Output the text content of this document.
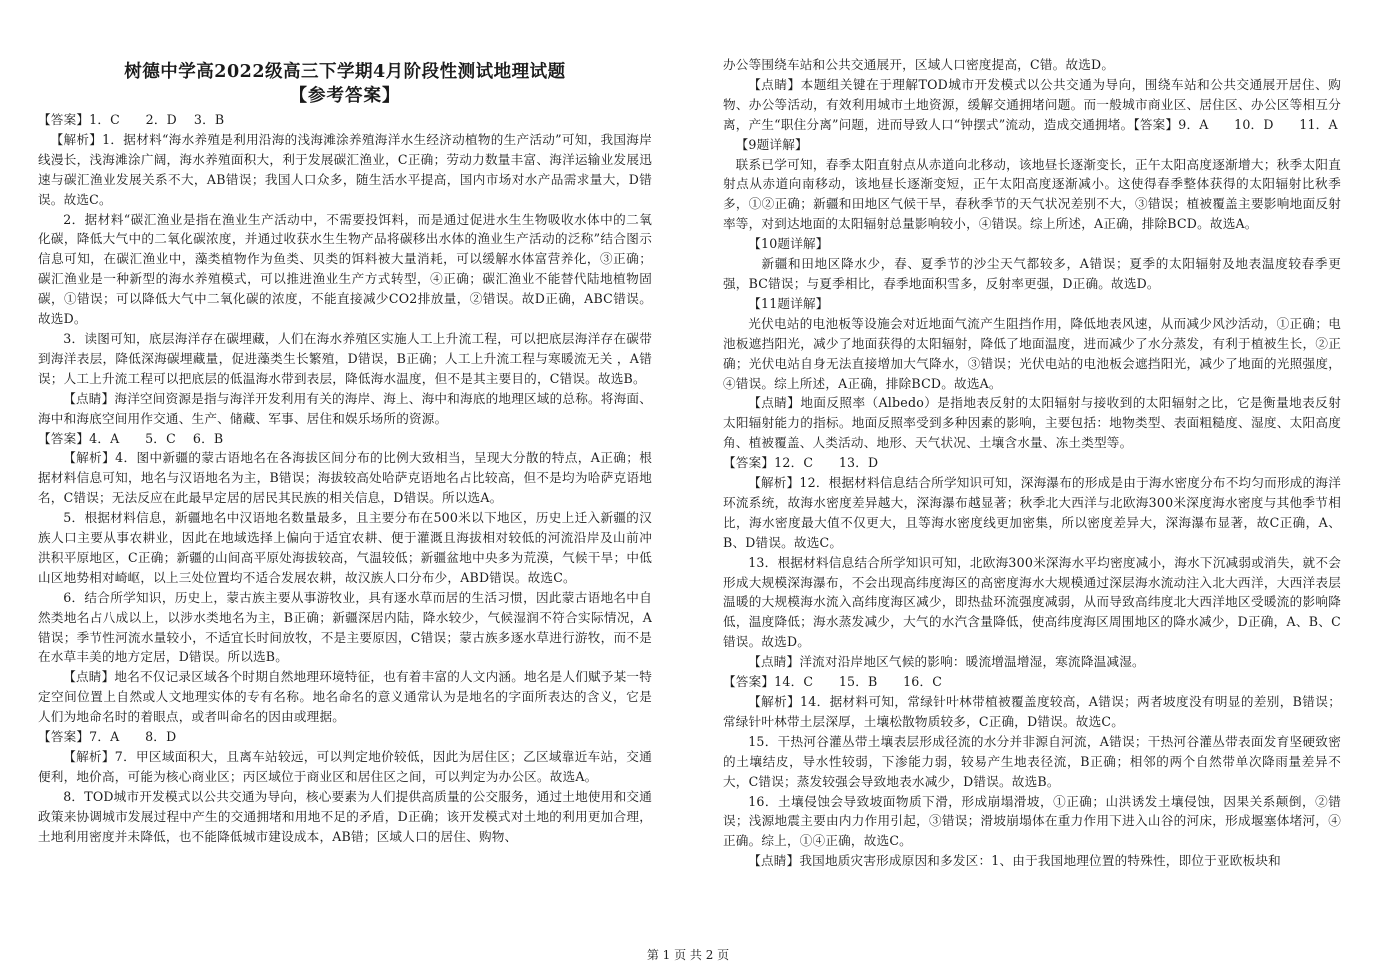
树德中学高2022级高三下学期4月阶段性测试地理试题
【参考答案】

【答案】1．C　　2．D　 3．B

【解析】1．据材料“海水养殖是利用沿海的浅海滩涂养殖海洋水生经济动植物的生产活动”可知，我国海岸线漫长，浅海滩涂广阔，海水养殖面积大，利于发展碳汇渔业，C正确；劳动力数量丰富、海洋运输业发展迅速与碳汇渔业发展关系不大，AB错误；我国人口众多，随生活水平提高，国内市场对水产品需求量大，D错误。故选C。

2．据材料“碳汇渔业是指在渔业生产活动中，不需要投饵料，而是通过促进水生生物吸收水体中的二氧化碳，降低大气中的二氧化碳浓度，并通过收获水生生物产品将碳移出水体的渔业生产活动的泛称”结合图示信息可知，在碳汇渔业中，藻类植物作为鱼类、贝类的饵料被大量消耗，可以缓解水体富营养化，③正确；碳汇渔业是一种新型的海水养殖模式，可以推进渔业生产方式转型，④正确；碳汇渔业不能替代陆地植物固碳，①错误；可以降低大气中二氧化碳的浓度，不能直接减少CO2排放量，②错误。故D正确，ABC错误。故选D。

3．读图可知，底层海洋存在碳埋藏，人们在海水养殖区实施人工上升流工程，可以把底层海洋存在碳带到海洋表层，降低深海碳埋藏量，促进藻类生长繁殖，D错误，B正确；人工上升流工程与寒暖流无关 ，A错误；人工上升流工程可以把底层的低温海水带到表层，降低海水温度，但不是其主要目的，C错误。故选B。

【点睛】海洋空间资源是指与海洋开发利用有关的海岸、海上、海中和海底的地理区域的总称。将海面、海中和海底空间用作交通、生产、储藏、军事、居住和娱乐场所的资源。

【答案】4．A　　5．C　 6．B

【解析】4．图中新疆的蒙古语地名在各海拔区间分布的比例大致相当，呈现大分散的特点，A正确；根据材料信息可知，地名与汉语地名为主，B错误；海拔较高处哈萨克语地名占比较高，但不是均为哈萨克语地名，C错误；无法反应在此最早定居的居民其民族的相关信息，D错误。所以选A。

5．根据材料信息，新疆地名中汉语地名数量最多，且主要分布在500米以下地区，历史上迁入新疆的汉族人口主要从事农耕业，因此在地域选择上偏向于适宜农耕、便于灌溉且海拔相对较低的河流沿岸及山前冲洪积平原地区，C正确；新疆的山间高平原处海拔较高，气温较低；新疆盆地中央多为荒漠，气候干旱；中低山区地势相对崎岖，以上三处位置均不适合发展农耕，故汉族人口分布少，ABD错误。故选C。

6．结合所学知识，历史上，蒙古族主要从事游牧业，具有逐水草而居的生活习惯，因此蒙古语地名中自然类地名占八成以上，以涉水类地名为主，B正确；新疆深居内陆，降水较少，气候湿润不符合实际情况，A错误；季节性河流水量较小，不适宜长时间放牧，不是主要原因，C错误；蒙古族多逐水草进行游牧，而不是在水草丰美的地方定居，D错误。所以选B。

【点睛】地名不仅记录区域各个时期自然地理环境特征，也有着丰富的人文内涵。地名是人们赋予某一特定空间位置上自然或人文地理实体的专有名称。地名命名的意义通常认为是地名的字面所表达的含义，它是人们为地命名时的着眼点，或者叫命名的因由或理据。

【答案】7．A　　8．D

【解析】7．甲区域面积大，且离车站较远，可以判定地价较低，因此为居住区；乙区域靠近车站，交通便利，地价高，可能为核心商业区；丙区域位于商业区和居住区之间，可以判定为办公区。故选A。

8．TOD城市开发模式以公共交通为导向，核心要素为人们提供高质量的公交服务，通过土地使用和交通政策来协调城市发展过程中产生的交通拥堵和用地不足的矛盾，D正确；该开发模式对土地的利用更加合理，土地利用密度并未降低，也不能降低城市建设成本，AB错；区域人口的居住、购物、

办公等围绕车站和公共交通展开，区域人口密度提高，C错。故选D。

【点睛】本题组关键在于理解TOD城市开发模式以公共交通为导向，围绕车站和公共交通展开居住、购物、办公等活动，有效利用城市土地资源，缓解交通拥堵问题。而一般城市商业区、居住区、办公区等相互分离，产生“职住分离”问题，进而导致人口“钟摆式”流动，造成交通拥堵。【答案】9．A　　10．D　　11．A

【9题详解】

联系已学可知，春季太阳直射点从赤道向北移动，该地昼长逐渐变长，正午太阳高度逐渐增大；秋季太阳直射点从赤道向南移动，该地昼长逐渐变短，正午太阳高度逐渐减小。这使得春季整体获得的太阳辐射比秋季多，①②正确；新疆和田地区气候干旱，春秋季节的天气状况差别不大，③错误；植被覆盖主要影响地面反射率等，对到达地面的太阳辐射总量影响较小，④错误。综上所述，A正确，排除BCD。故选A。

【10题详解】

　新疆和田地区降水少，春、夏季节的沙尘天气都较多，A错误；夏季的太阳辐射及地表温度较春季更强，BC错误；与夏季相比，春季地面积雪多，反射率更强，D正确。故选D。

【11题详解】

光伏电站的电池板等设施会对近地面气流产生阻挡作用，降低地表风速，从而减少风沙活动，①正确；电池板遮挡阳光，减少了地面获得的太阳辐射，降低了地面温度，进而减少了水分蒸发，有利于植被生长，②正确；光伏电站自身无法直接增加大气降水，③错误；光伏电站的电池板会遮挡阳光，减少了地面的光照强度，④错误。综上所述，A正确，排除BCD。故选A。

【点睛】地面反照率（Albedo）是指地表反射的太阳辐射与接收到的太阳辐射之比，它是衡量地表反射太阳辐射能力的指标。地面反照率受到多种因素的影响，主要包括：地物类型、表面粗糙度、湿度、太阳高度角、植被覆盖、人类活动、地形、天气状况、土壤含水量、冻土类型等。

【答案】12．C　　13．D

【解析】12．根据材料信息结合所学知识可知，深海瀑布的形成是由于海水密度分布不均匀而形成的海洋环流系统，故海水密度差异越大，深海瀑布越显著；秋季北大西洋与北欧海300米深度海水密度与其他季节相比，海水密度最大值不仅更大，且等海水密度线更加密集，所以密度差异大，深海瀑布显著，故C正确，A、B、D错误。故选C。

13．根据材料信息结合所学知识可知，北欧海300米深海水平均密度减小，海水下沉减弱或消失，就不会形成大规模深海瀑布，不会出现高纬度海区的高密度海水大规模通过深层海水流动注入北大西洋，大西洋表层温暖的大规模海水流入高纬度海区减少，即热盐环流强度减弱，从而导致高纬度北大西洋地区受暖流的影响降低，温度降低；海水蒸发减少，大气的水汽含量降低，使高纬度海区周围地区的降水减少，D正确，A、B、C错误。故选D。

【点睛】洋流对沿岸地区气候的影响：暖流增温增湿，寒流降温减湿。

【答案】14．C　　15．B　　16．C

【解析】14．据材料可知，常绿针叶林带植被覆盖度较高，A错误；两者坡度没有明显的差别，B错误；常绿针叶林带土层深厚，土壤松散物质较多，C正确，D错误。故选C。

15．干热河谷灌丛带土壤表层形成径流的水分并非源自河流，A错误；干热河谷灌丛带表面发育坚硬致密的土壤结皮，导水性较弱，下渗能力弱，较易产生地表径流，B正确；相邻的两个自然带单次降雨量差异不大，C错误；蒸发较强会导致地表水减少，D错误。故选B。

16．土壤侵蚀会导致坡面物质下滑，形成崩塌滑坡，①正确；山洪诱发土壤侵蚀，因果关系颠倒，②错误；浅源地震主要由内力作用引起，③错误；滑坡崩塌体在重力作用下进入山谷的河床，形成堰塞体堵河，④正确。综上，①④正确，故选C。

【点睛】我国地质灾害形成原因和多发区：1、由于我国地理位置的特殊性，即位于亚欧板块和

第 1 页 共 2 页
